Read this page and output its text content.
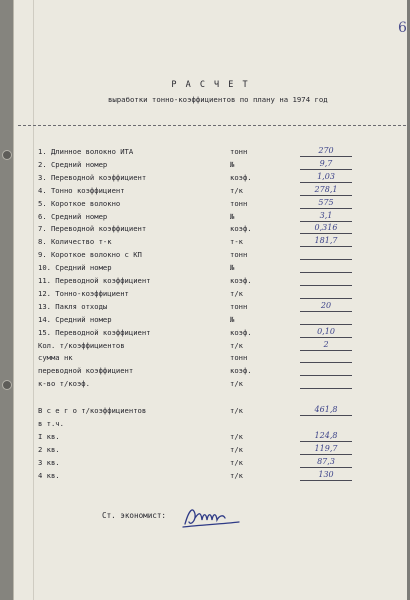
6
Р А С Ч Е Т
выработки тонно-коэффициентов по плану на 1974 год
1. Длинное волокно ИТА	тонн	270
2. Средний номер	№	9,7
3. Переводной коэффициент	коэф.	1,03
4. Тонно коэффициент	т/к	278,1
5. Короткое волокно	тонн	575
6. Средний номер	№	3,1
7. Переводной коэффициент	коэф.	0,316
8. Количество т-к	т-к	181,7
9. Короткое волокно с КП	тонн
10. Средний номер	№
11. Переводной коэффициент	коэф.
12. Тонно-коэффициент	т/к
13. Пакля отходы	тонн	20
14. Средний номер	№
15. Переводной коэффициент	коэф.	0,10
Кол. т/коэффициентов	т/к	2
сумма нк	тонн
переводной коэффициент	коэф.
к-во т/коэф.	т/к
В с е г о т/коэффициентов	т/к	461,8
в т.ч.
I кв.	т/к	124,8
2 кв.	т/к	119,7
3 кв.	т/к	87,3
4 кв.	т/к	130
Ст. экономист:
